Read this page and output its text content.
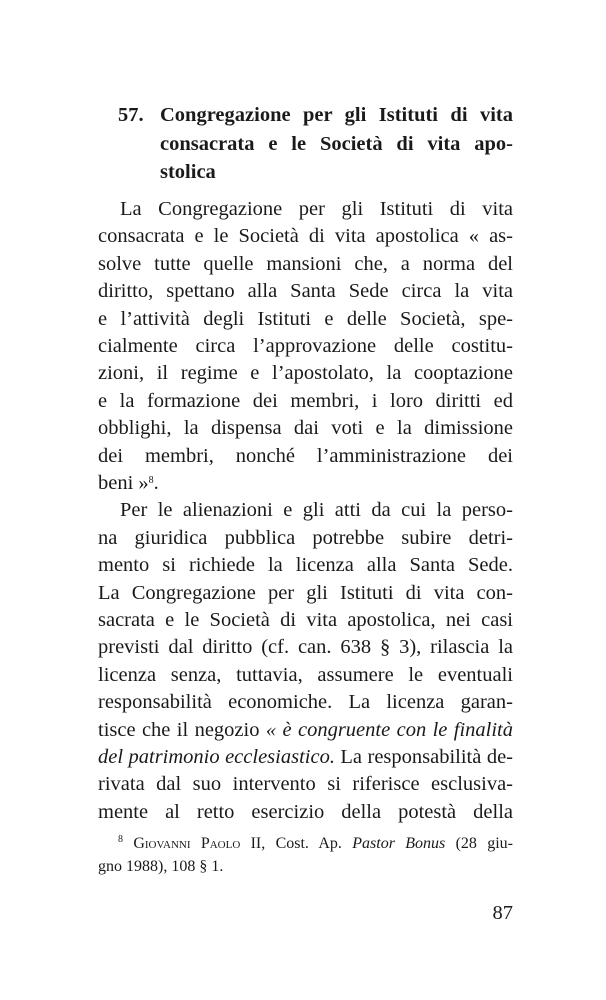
57. Congregazione per gli Istituti di vita
consacrata e le Società di vita apo-
stolica
La Congregazione per gli Istituti di vita
consacrata e le Società di vita apostolica « as-
solve tutte quelle mansioni che, a norma del
diritto, spettano alla Santa Sede circa la vita
e l’attività degli Istituti e delle Società, spe-
cialmente circa l’approvazione delle costitu-
zioni, il regime e l’apostolato, la cooptazione
e la formazione dei membri, i loro diritti ed
obblighi, la dispensa dai voti e la dimissione
dei membri, nonché l’amministrazione dei
beni »$^8$.
Per le alienazioni e gli atti da cui la perso-
na giuridica pubblica potrebbe subire detri-
mento si richiede la licenza alla Santa Sede.
La Congregazione per gli Istituti di vita con-
sacrata e le Società di vita apostolica, nei casi
previsti dal diritto (cf. can. 638 § 3), rilascia la
licenza senza, tuttavia, assumere le eventuali
responsabilità economiche. La licenza garan-
tisce che il negozio « è congruente con le finalità
del patrimonio ecclesiastico. La responsabilità de-
rivata dal suo intervento si riferisce esclusiva-
mente al retto esercizio della potestà della
$^8$ Giovanni Paolo II, Cost. Ap. Pastor Bonus (28 giu-
gno 1988), 108 § 1.
87
